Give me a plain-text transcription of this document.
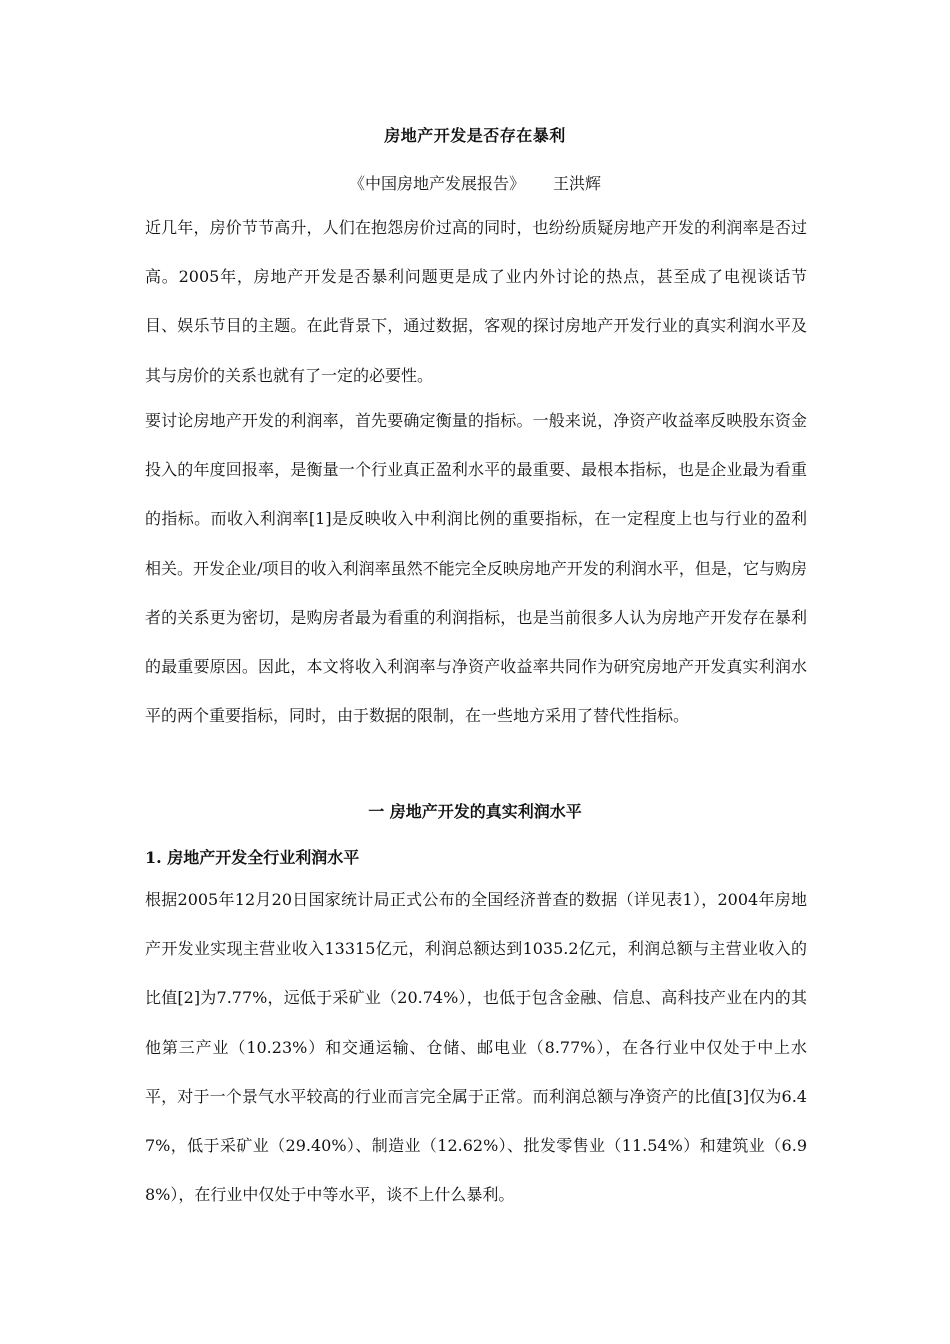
房地产开发是否存在暴利
《中国房地产发展报告》 王洪辉

近几年，房价节节高升，人们在抱怨房价过高的同时，也纷纷质疑房地产开发的利润率是否过高。2005年，房地产开发是否暴利问题更是成了业内外讨论的热点，甚至成了电视谈话节目、娱乐节目的主题。在此背景下，通过数据，客观的探讨房地产开发行业的真实利润水平及其与房价的关系也就有了一定的必要性。

要讨论房地产开发的利润率，首先要确定衡量的指标。一般来说，净资产收益率反映股东资金投入的年度回报率，是衡量一个行业真正盈利水平的最重要、最根本指标，也是企业最为看重的指标。而收入利润率[1]是反映收入中利润比例的重要指标，在一定程度上也与行业的盈利相关。开发企业/项目的收入利润率虽然不能完全反映房地产开发的利润水平，但是，它与购房者的关系更为密切，是购房者最为看重的利润指标，也是当前很多人认为房地产开发存在暴利的最重要原因。因此，本文将收入利润率与净资产收益率共同作为研究房地产开发真实利润水平的两个重要指标，同时，由于数据的限制，在一些地方采用了替代性指标。

一 房地产开发的真实利润水平
1. 房地产开发全行业利润水平

根据2005年12月20日国家统计局正式公布的全国经济普查的数据（详见表1），2004年房地产开发业实现主营业收入13315亿元，利润总额达到1035.2亿元，利润总额与主营业收入的比值[2]为7.77%，远低于采矿业（20.74%），也低于包含金融、信息、高科技产业在内的其他第三产业（10.23%）和交通运输、仓储、邮电业（8.77%），在各行业中仅处于中上水平，对于一个景气水平较高的行业而言完全属于正常。而利润总额与净资产的比值[3]仅为6.47%，低于采矿业（29.40%）、制造业（12.62%）、批发零售业（11.54%）和建筑业（6.98%），在行业中仅处于中等水平，谈不上什么暴利。
